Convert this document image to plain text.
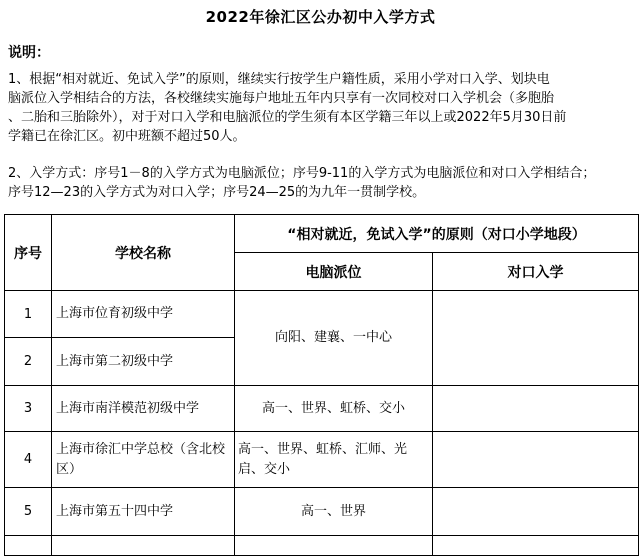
2022年徐汇区公办初中入学方式
说明：
1、根据“相对就近、免试入学”的原则，继续实行按学生户籍性质，采用小学对口入学、划块电
脑派位入学相结合的方法，各校继续实施每户地址五年内只享有一次同校对口入学机会（多胞胎
、二胎和三胎除外），对于对口入学和电脑派位的学生须有本区学籍三年以上或2022年5月30日前
学籍已在徐汇区。初中班额不超过50人。
2、入学方式：序号1－8的入学方式为电脑派位；序号9-11的入学方式为电脑派位和对口入学相结合；
序号12—23的入学方式为对口入学；序号24—25的为九年一贯制学校。
序号	学校名称	“相对就近，免试入学”的原则（对口小学地段）	
		电脑派位	对口入学
1	上海市位育初级中学	向阳、建襄、一中心	
2	上海市第二初级中学		
3	上海市南洋模范初级中学	高一、世界、虹桥、交小	
4	上海市徐汇中学总校（含北校区）	高一、世界、虹桥、汇师、光启、交小	
5	上海市第五十四中学	高一、世界	
